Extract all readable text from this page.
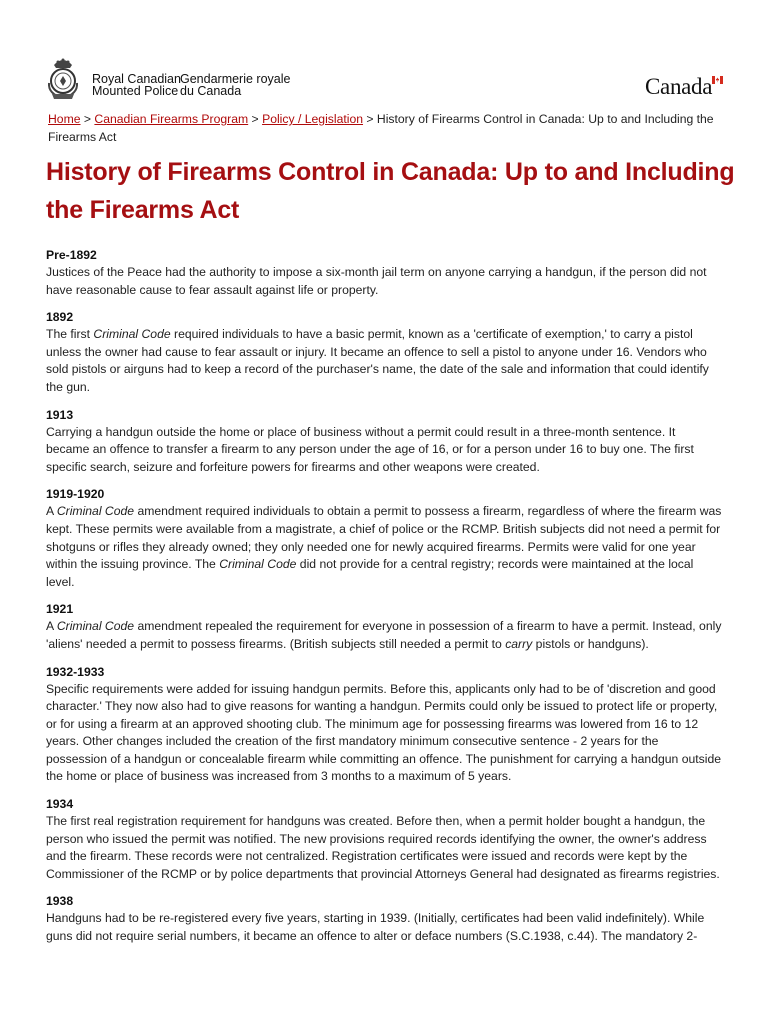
Royal Canadian
Mounted Police
Gendarmerie royale
du Canada	Canada
Home > Canadian Firearms Program > Policy / Legislation > History of Firearms Control in Canada: Up to and Including the Firearms Act
History of Firearms Control in Canada: Up to and Including the Firearms Act

Pre-1892

Justices of the Peace had the authority to impose a six-month jail term on anyone carrying a handgun, if the person did not have reasonable cause to fear assault against life or property.

1892

The first Criminal Code required individuals to have a basic permit, known as a 'certificate of exemption,' to carry a pistol unless the owner had cause to fear assault or injury. It became an offence to sell a pistol to anyone under 16. Vendors who sold pistols or airguns had to keep a record of the purchaser's name, the date of the sale and information that could identify the gun.

1913

Carrying a handgun outside the home or place of business without a permit could result in a three-month sentence. It became an offence to transfer a firearm to any person under the age of 16, or for a person under 16 to buy one. The first specific search, seizure and forfeiture powers for firearms and other weapons were created.

1919-1920

A Criminal Code amendment required individuals to obtain a permit to possess a firearm, regardless of where the firearm was kept. These permits were available from a magistrate, a chief of police or the RCMP. British subjects did not need a permit for shotguns or rifles they already owned; they only needed one for newly acquired firearms. Permits were valid for one year within the issuing province. The Criminal Code did not provide for a central registry; records were maintained at the local level.

1921

A Criminal Code amendment repealed the requirement for everyone in possession of a firearm to have a permit. Instead, only 'aliens' needed a permit to possess firearms. (British subjects still needed a permit to carry pistols or handguns).

1932-1933

Specific requirements were added for issuing handgun permits. Before this, applicants only had to be of 'discretion and good character.' They now also had to give reasons for wanting a handgun. Permits could only be issued to protect life or property, or for using a firearm at an approved shooting club. The minimum age for possessing firearms was lowered from 16 to 12 years. Other changes included the creation of the first mandatory minimum consecutive sentence - 2 years for the possession of a handgun or concealable firearm while committing an offence. The punishment for carrying a handgun outside the home or place of business was increased from 3 months to a maximum of 5 years.

1934

The first real registration requirement for handguns was created. Before then, when a permit holder bought a handgun, the person who issued the permit was notified. The new provisions required records identifying the owner, the owner's address and the firearm. These records were not centralized. Registration certificates were issued and records were kept by the Commissioner of the RCMP or by police departments that provincial Attorneys General had designated as firearms registries.

1938

Handguns had to be re-registered every five years, starting in 1939. (Initially, certificates had been valid indefinitely). While guns did not require serial numbers, it became an offence to alter or deface numbers (S.C.1938, c.44). The mandatory 2-
